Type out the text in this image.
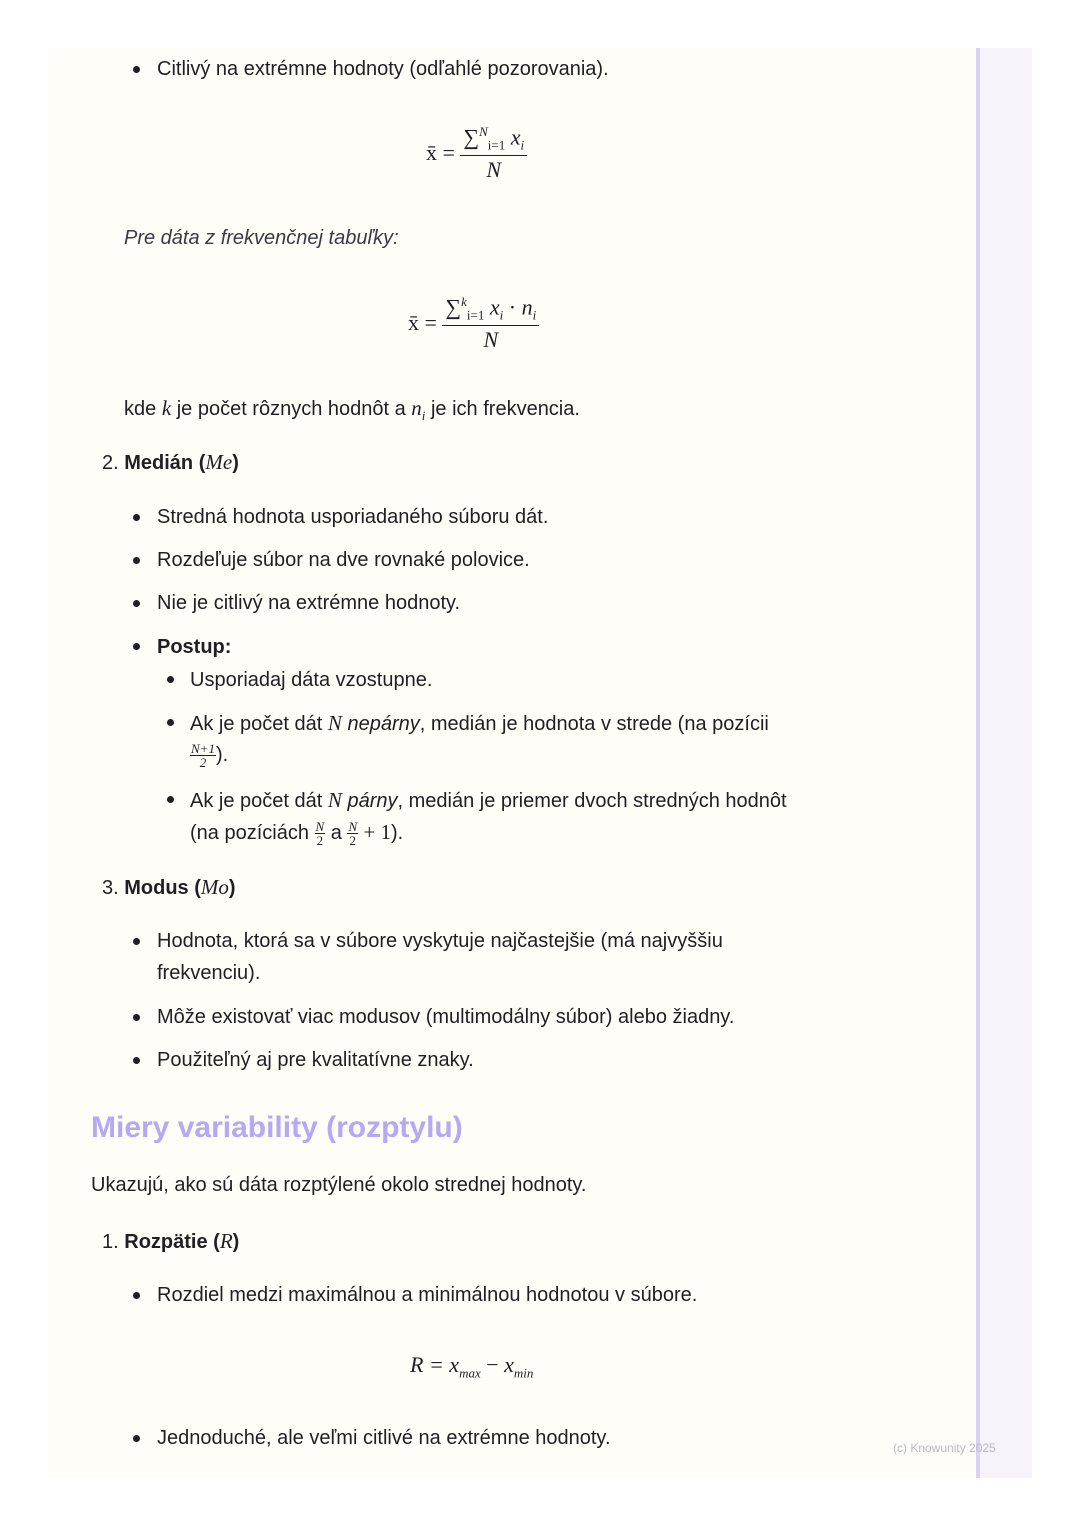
Citlivý na extrémne hodnoty (odľahlé pozorovania).
x̄ = $\frac{\sum^N_{i=1} x_i}{N}$
Pre dáta z frekvenčnej tabuľky:
x̄ = $\frac{\sum^k_{i=1} x_i \cdot n_i}{N}$
kde k je počet rôznych hodnôt a $n_i$ je ich frekvencia.
2. Medián (Me)
Stredná hodnota usporiadaného súboru dát.
Rozdeľuje súbor na dve rovnaké polovice.
Nie je citlivý na extrémne hodnoty.
Postup:
Usporiadaj dáta vzostupne.
Ak je počet dát N nepárny, medián je hodnota v strede (na pozícii
$\frac{N+1}{2}$ ).
Ak je počet dát N párny, medián je priemer dvoch stredných hodnôt
(na pozíciách $\frac{N}{2}$ a $\frac{N}{2} + 1$).
3. Modus (Mo)
Hodnota, ktorá sa v súbore vyskytuje najčastejšie (má najvyššiu
frekvenciu).
Môže existovať viac modusov (multimodálny súbor) alebo žiadny.
Použiteľný aj pre kvalitatívne znaky.
Miery variability (rozptylu)
Ukazujú, ako sú dáta rozptýlené okolo strednej hodnoty.
1. Rozpätie (R)
Rozdiel medzi maximálnou a minimálnou hodnotou v súbore.
$R = x_{max} - x_{min}$
Jednoduché, ale veľmi citlivé na extrémne hodnoty.	(c) Knowunity 2025
